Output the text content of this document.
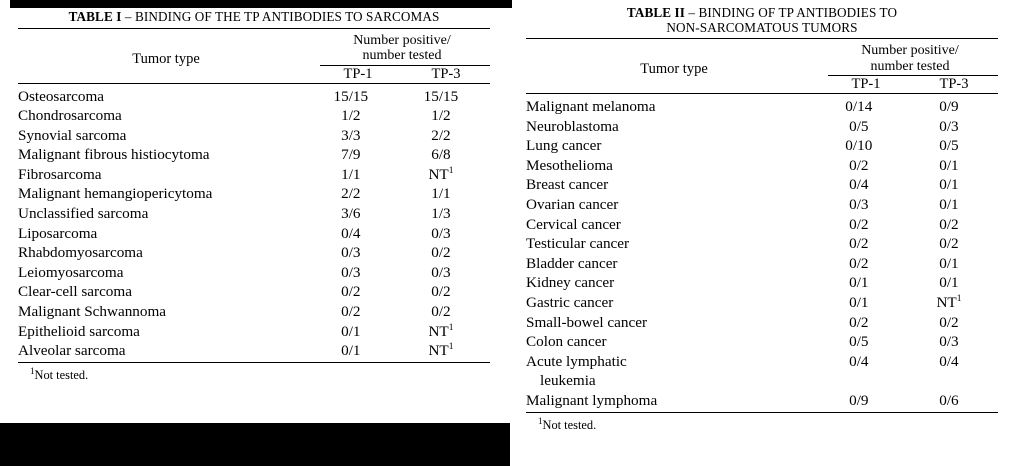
TABLE I – BINDING OF THE TP ANTIBODIES TO SARCOMAS
Tumor type
Number positive/
number tested
TP-1	TP-3
Osteosarcoma	15/15	15/15
Chondrosarcoma	1/2	1/2
Synovial sarcoma	3/3	2/2
Malignant fibrous histiocytoma	7/9	6/8
Fibrosarcoma	1/1	$NT^1$
Malignant hemangiopericytoma	2/2	1/1
Unclassified sarcoma	3/6	1/3
Liposarcoma	0/4	0/3
Rhabdomyosarcoma	0/3	0/2
Leiomyosarcoma	0/3	0/3
Clear-cell sarcoma	0/2	0/2
Malignant Schwannoma	0/2	0/2
Epithelioid sarcoma	0/1	$NT^1$
Alveolar sarcoma	0/1	$NT^1$
$^1$Not tested.
TABLE II – BINDING OF TP ANTIBODIES TO
NON-SARCOMATOUS TUMORS
Tumor type
Number positive/
number tested
TP-1	TP-3
Malignant melanoma	0/14	0/9
Neuroblastoma	0/5	0/3
Lung cancer	0/10	0/5
Mesothelioma	0/2	0/1
Breast cancer	0/4	0/1
Ovarian cancer	0/3	0/1
Cervical cancer	0/2	0/2
Testicular cancer	0/2	0/2
Bladder cancer	0/2	0/1
Kidney cancer	0/1	0/1
Gastric cancer	0/1	$NT^1$
Small-bowel cancer	0/2	0/2
Colon cancer	0/5	0/3
Acute lymphatic	0/4	0/4
leukemia
Malignant lymphoma	0/9	0/6
$^1$Not tested.
